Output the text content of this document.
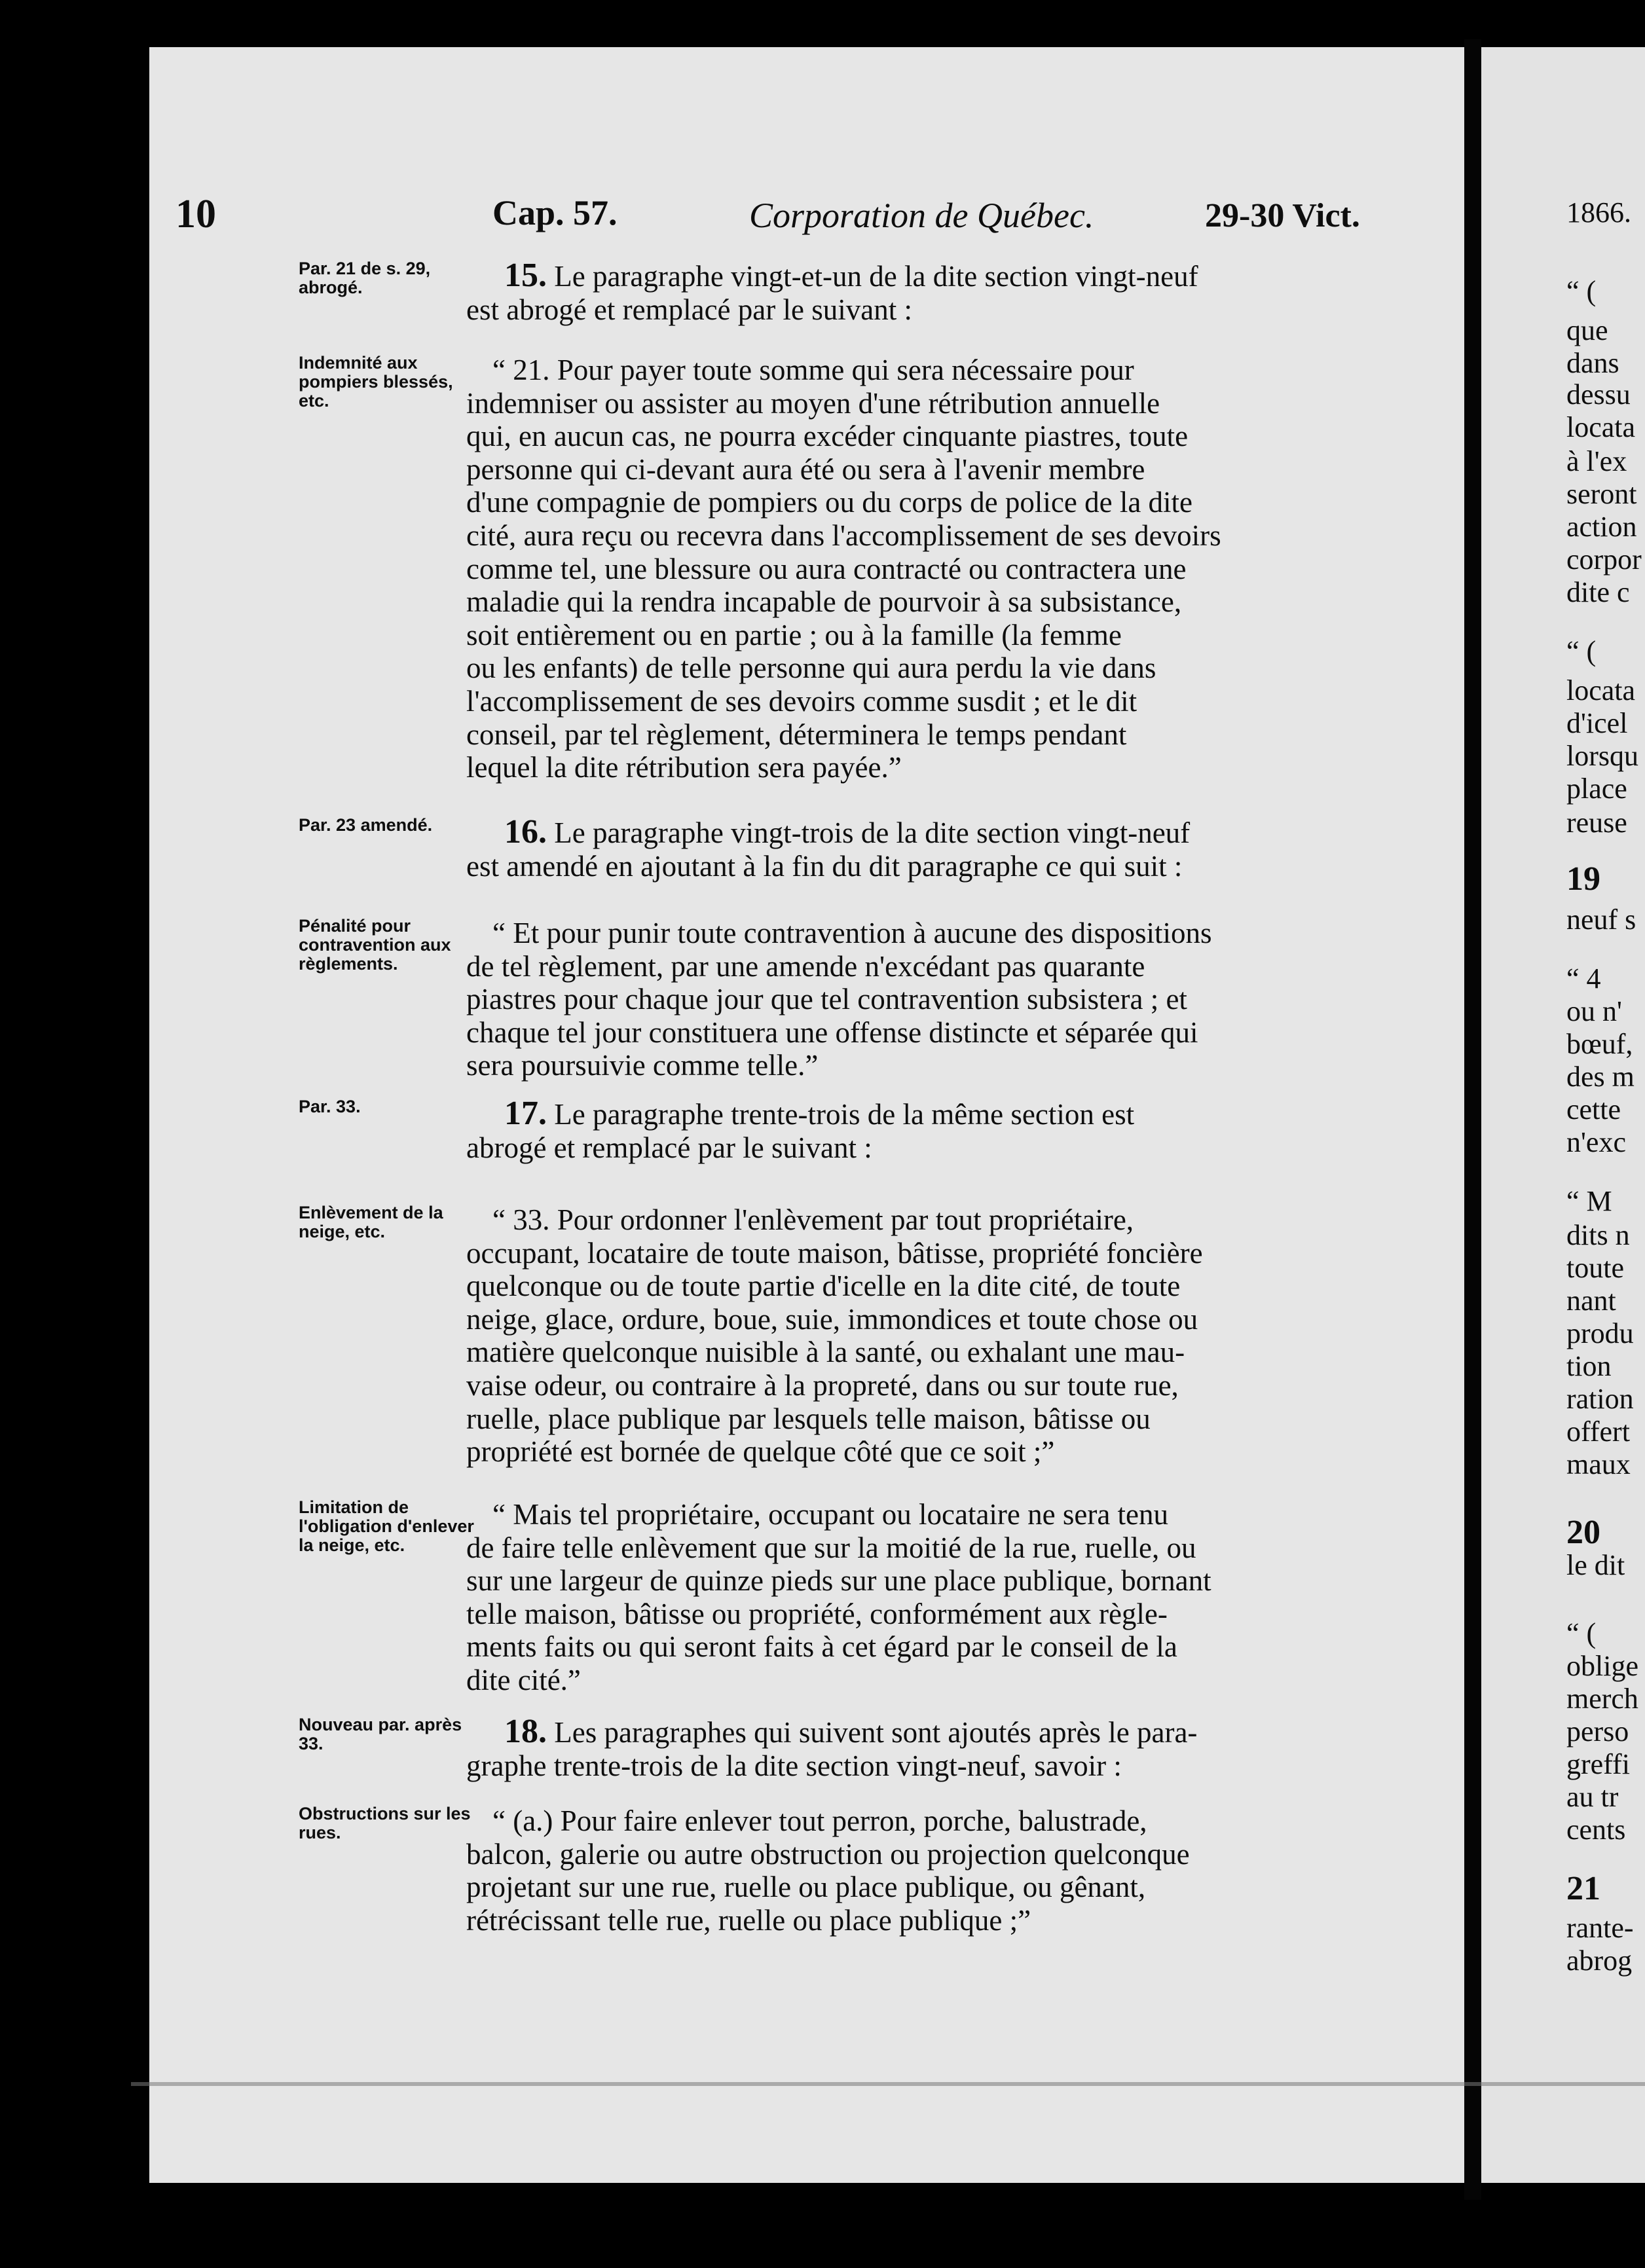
10	Cap. 57.	Corporation de Québec.	29-30 Vict.
Par. 21 de s. 29, abrogé.
Indemnité aux pompiers blessés, etc.
Par. 23 amendé.
Pénalité pour contravention aux règlements.
Par. 33.
Enlèvement de la neige, etc.
Limitation de l'obligation d'enlever la neige, etc.
Nouveau par. après 33.
Obstructions sur les rues.
15. Le paragraphe vingt-et-un de la dite section vingt-neuf
est abrogé et remplacé par le suivant :
“ 21. Pour payer toute somme qui sera nécessaire pour
indemniser ou assister au moyen d'une rétribution annuelle
qui, en aucun cas, ne pourra excéder cinquante piastres, toute
personne qui ci-devant aura été ou sera à l'avenir membre
d'une compagnie de pompiers ou du corps de police de la dite
cité, aura reçu ou recevra dans l'accomplissement de ses devoirs
comme tel, une blessure ou aura contracté ou contractera une
maladie qui la rendra incapable de pourvoir à sa subsistance,
soit entièrement ou en partie ; ou à la famille (la femme
ou les enfants) de telle personne qui aura perdu la vie dans
l'accomplissement de ses devoirs comme susdit ; et le dit
conseil, par tel règlement, déterminera le temps pendant
lequel la dite rétribution sera payée.”
16. Le paragraphe vingt-trois de la dite section vingt-neuf
est amendé en ajoutant à la fin du dit paragraphe ce qui suit :
“ Et pour punir toute contravention à aucune des dispositions
de tel règlement, par une amende n'excédant pas quarante
piastres pour chaque jour que tel contravention subsistera ; et
chaque tel jour constituera une offense distincte et séparée qui
sera poursuivie comme telle.”
17. Le paragraphe trente-trois de la même section est
abrogé et remplacé par le suivant :
“ 33. Pour ordonner l'enlèvement par tout propriétaire,
occupant, locataire de toute maison, bâtisse, propriété foncière
quelconque ou de toute partie d'icelle en la dite cité, de toute
neige, glace, ordure, boue, suie, immondices et toute chose ou
matière quelconque nuisible à la santé, ou exhalant une mau-
vaise odeur, ou contraire à la propreté, dans ou sur toute rue,
ruelle, place publique par lesquels telle maison, bâtisse ou
propriété est bornée de quelque côté que ce soit ;”
“ Mais tel propriétaire, occupant ou locataire ne sera tenu
de faire telle enlèvement que sur la moitié de la rue, ruelle, ou
sur une largeur de quinze pieds sur une place publique, bornant
telle maison, bâtisse ou propriété, conformément aux règle-
ments faits ou qui seront faits à cet égard par le conseil de la
dite cité.”
18. Les paragraphes qui suivent sont ajoutés après le para-
graphe trente-trois de la dite section vingt-neuf, savoir :
“ (a.) Pour faire enlever tout perron, porche, balustrade,
balcon, galerie ou autre obstruction ou projection quelconque
projetant sur une rue, ruelle ou place publique, ou gênant,
rétrécissant telle rue, ruelle ou place publique ;”
1866.
“ (
que
dans
dessu
locata
à l'ex
seront
action
corpor
dite c
“ (
locata
d'icel
lorsqu
place
reuse
19
neuf s
“ 4
ou n'
bœuf,
des m
cette
n'exc
“ M
dits n
toute
nant
produ
tion
ration
offert
maux
20
le dit
“ (
oblige
merch
perso
greffi
au tr
cents
21
rante-
abrog
